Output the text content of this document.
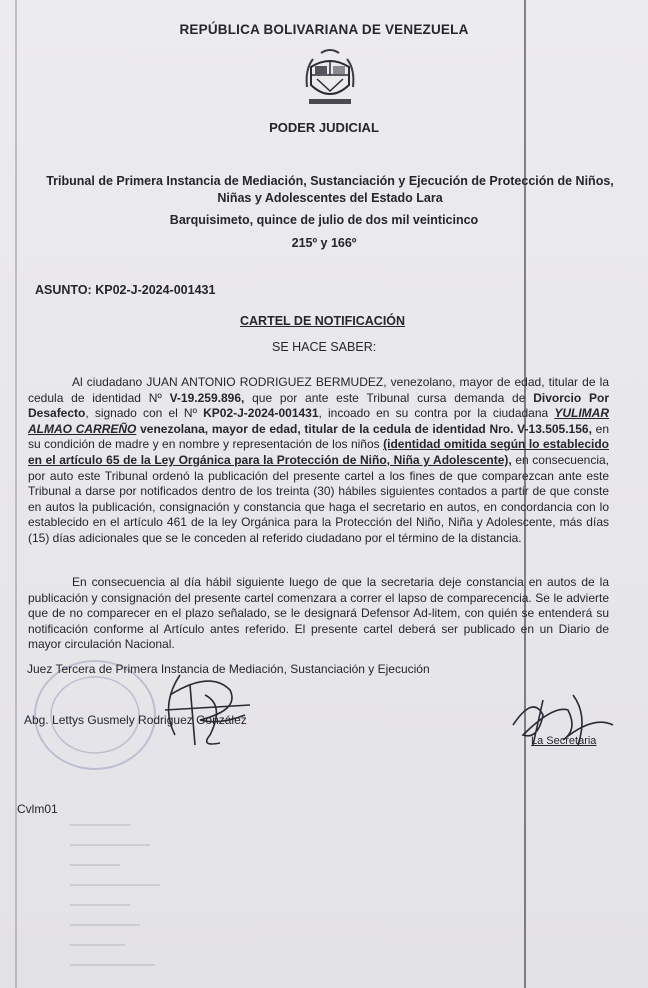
REPÚBLICA BOLIVARIANA DE VENEZUELA
PODER JUDICIAL
Tribunal de Primera Instancia de Mediación, Sustanciación y Ejecución de Protección de Niños, Niñas y Adolescentes del Estado Lara
Barquisimeto, quince de julio de dos mil veinticinco
215º y 166º
ASUNTO: KP02-J-2024-001431
CARTEL DE NOTIFICACIÓN
SE HACE SABER:
Al ciudadano JUAN ANTONIO RODRIGUEZ BERMUDEZ, venezolano, mayor de edad, titular de la cedula de identidad Nº V-19.259.896, que por ante este Tribunal cursa demanda de Divorcio Por Desafecto, signado con el Nº KP02-J-2024-001431, incoado en su contra por la ciudadana YULIMAR ALMAO CARREÑO venezolana, mayor de edad, titular de la cedula de identidad Nro. V-13.505.156, en su condición de madre y en nombre y representación de los niños (identidad omitida según lo establecido en el artículo 65 de la Ley Orgánica para la Protección de Niño, Niña y Adolescente), en consecuencia, por auto este Tribunal ordenó la publicación del presente cartel a los fines de que comparezcan ante este Tribunal a darse por notificados dentro de los treinta (30) hábiles siguientes contados a partir de que conste en autos la publicación, consignación y constancia que haga el secretario en autos, en concordancia con lo establecido en el artículo 461 de la ley Orgánica para la Protección del Niño, Niña y Adolescente, más días (15) días adicionales que se le conceden al referido ciudadano por el término de la distancia.
En consecuencia al día hábil siguiente luego de que la secretaria deje constancia en autos de la publicación y consignación del presente cartel comenzara a correr el lapso de comparecencia. Se le advierte que de no comparecer en el plazo señalado, se le designará Defensor Ad-litem, con quién se entenderá su notificación conforme al Artículo antes referido. El presente cartel deberá ser publicado en un Diario de mayor circulación Nacional.
Juez Tercera de Primera Instancia de Mediación, Sustanciación y Ejecución
Abg. Lettys Gusmely Rodriguez González
La Secretaria
Cvlm01
